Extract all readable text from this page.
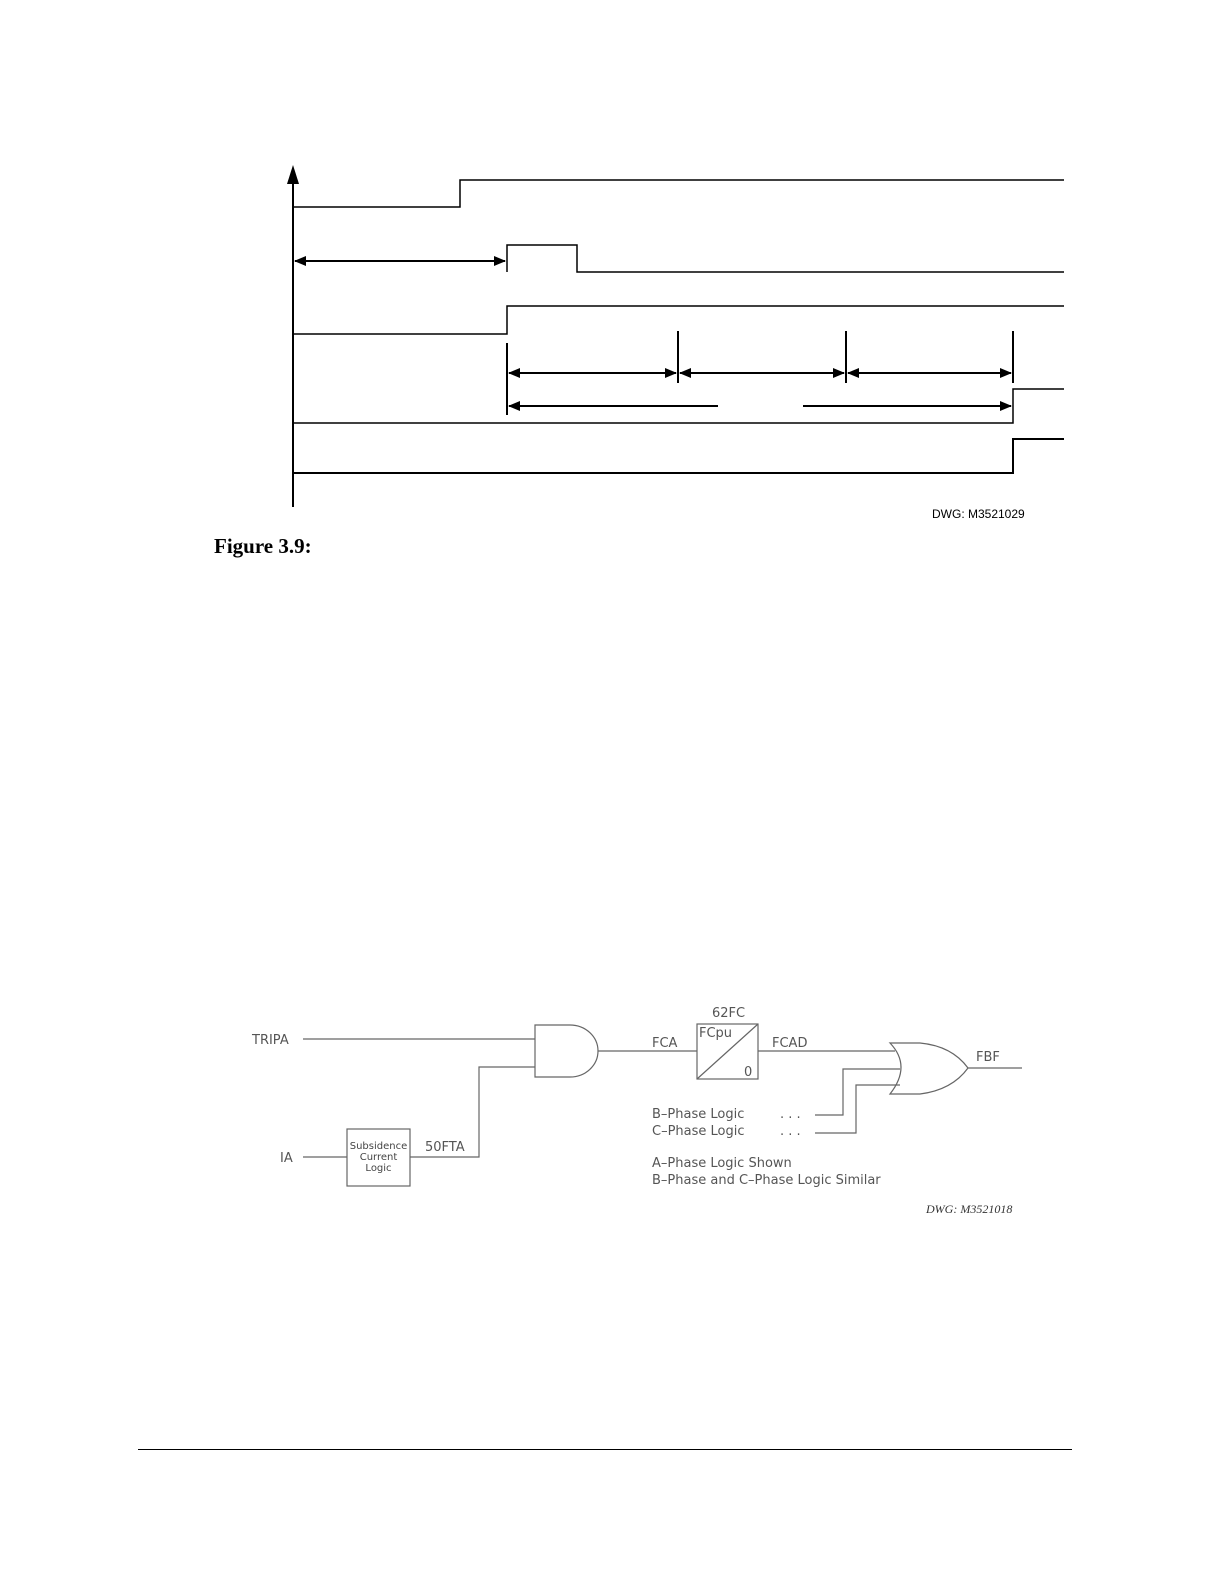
DWG: M3521029
TRIPA
IA
Subsidence
Current
Logic
50FTA
FCA
62FC
FCpu
0
FCAD
FBF
B–Phase Logic	. . .
C–Phase Logic	. . .
A–Phase Logic Shown
B–Phase and C–Phase Logic Similar
DWG: M3521018
Figure 3.9:
